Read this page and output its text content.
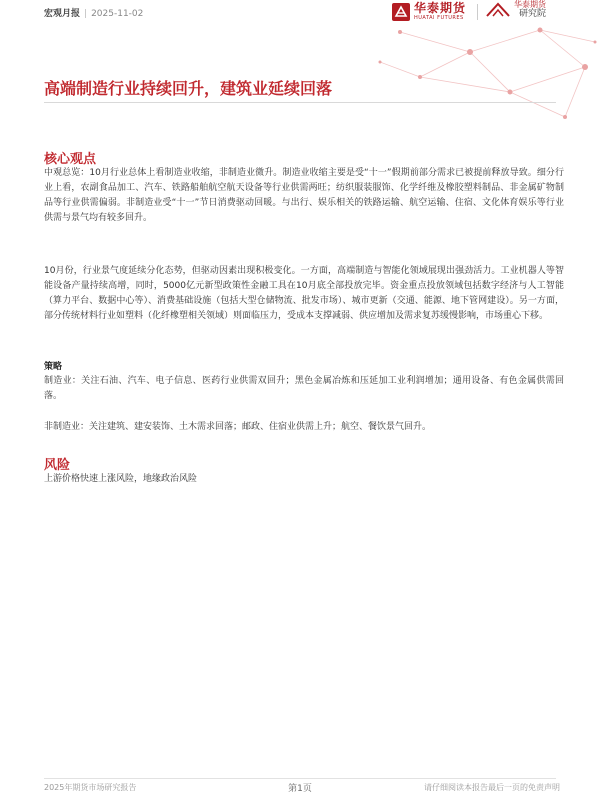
宏观月报 | 2025-11-02	华泰期货
HUATAI FUTURES
华泰期货
研究院
高端制造行业持续回升，建筑业延续回落
核心观点
中观总览：10月行业总体上看制造业收缩，非制造业微升。制造业收缩主要是受“十一”假期前部分需求已被提前释放导致。细分行业上看，农副食品加工、汽车、铁路船舶航空航天设备等行业供需两旺；纺织服装服饰、化学纤维及橡胶塑料制品、非金属矿物制品等行业供需偏弱。非制造业受“十一”节日消费驱动回暖。与出行、娱乐相关的铁路运输、航空运输、住宿、文化体育娱乐等行业供需与景气均有较多回升。
10月份，行业景气度延续分化态势，但驱动因素出现积极变化。一方面，高端制造与智能化领域展现出强劲活力。工业机器人等智能设备产量持续高增，同时，5000亿元新型政策性金融工具在10月底全部投放完毕。资金重点投放领域包括数字经济与人工智能（算力平台、数据中心等）、消费基础设施（包括大型仓储物流、批发市场）、城市更新（交通、能源、地下管网建设）。另一方面，部分传统材料行业如塑料（化纤橡塑相关领域）则面临压力，受成本支撑减弱、供应增加及需求复苏缓慢影响，市场重心下移。
策略
制造业：关注石油、汽车、电子信息、医药行业供需双回升；黑色金属冶炼和压延加工业利润增加；通用设备、有色金属供需回落。
非制造业：关注建筑、建安装饰、土木需求回落；邮政、住宿业供需上升；航空、餐饮景气回升。
风险
上游价格快速上涨风险，地缘政治风险
2025年期货市场研究报告	第1页	请仔细阅读本报告最后一页的免责声明
